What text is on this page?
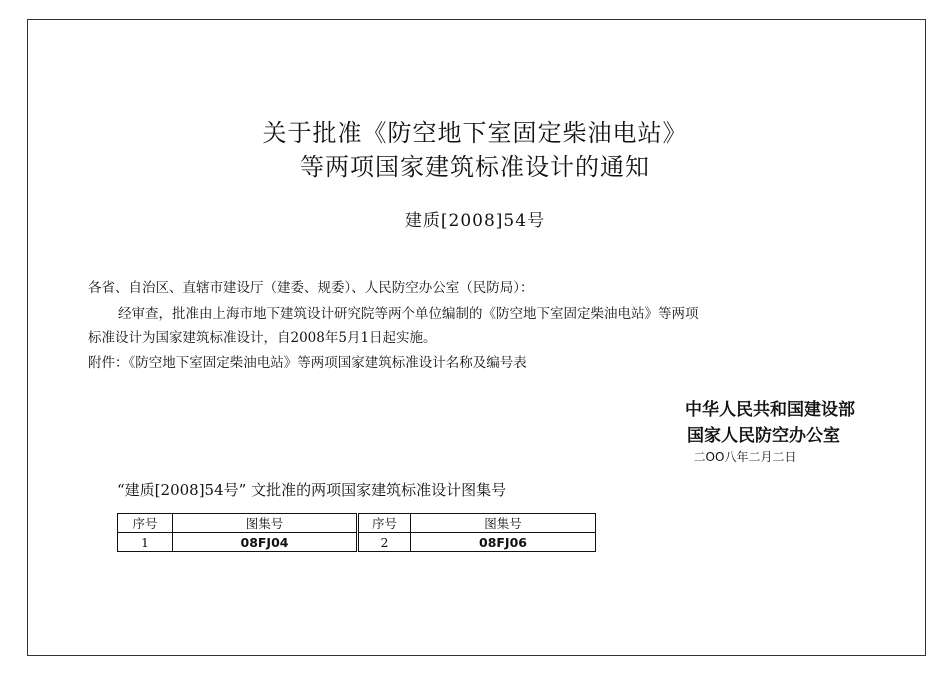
关于批准《防空地下室固定柴油电站》
等两项国家建筑标准设计的通知
建质[2008]54号
各省、自治区、直辖市建设厅（建委、规委）、人民防空办公室（民防局）：
经审查，批准由上海市地下建筑设计研究院等两个单位编制的《防空地下室固定柴油电站》等两项
标准设计为国家建筑标准设计，自2008年5月1日起实施。
附件：《防空地下室固定柴油电站》等两项国家建筑标准设计名称及编号表
中华人民共和国建设部
国家人民防空办公室
二OO八年二月二日
“建质[2008]54号” 文批准的两项国家建筑标准设计图集号
序号	图集号	序号	图集号
1	08FJ04	2	08FJ06
